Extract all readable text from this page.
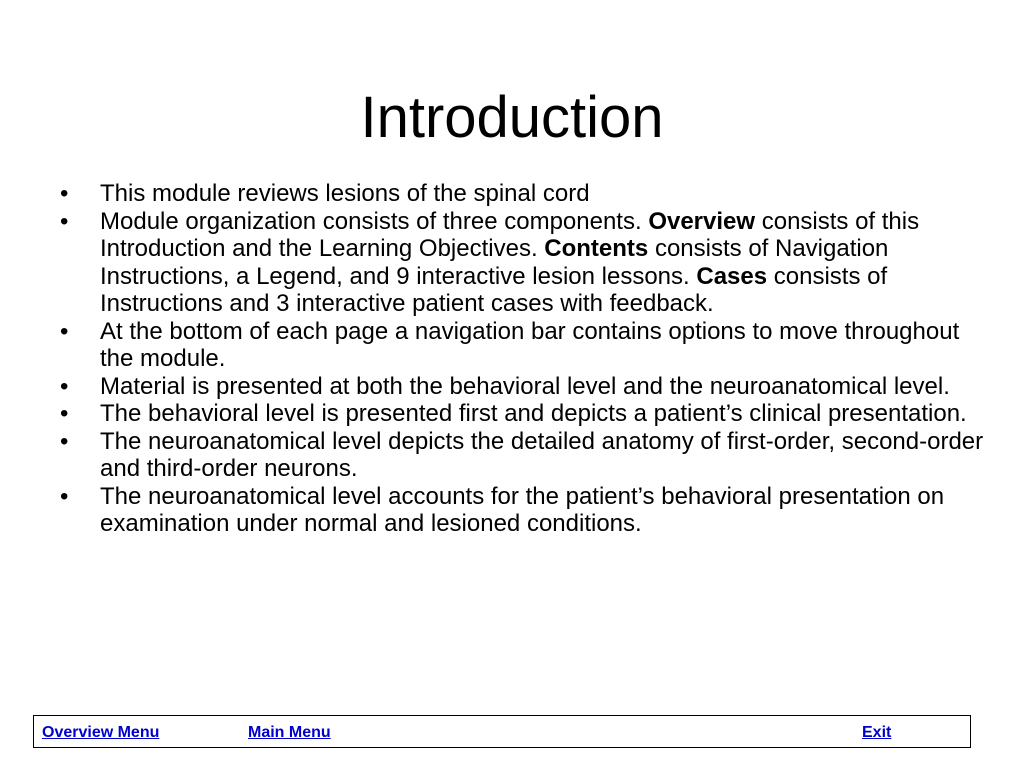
Introduction
• This module reviews lesions of the spinal cord
• Module organization consists of three components. Overview consists of this Introduction and the Learning Objectives. Contents consists of Navigation Instructions, a Legend, and 9 interactive lesion lessons. Cases consists of Instructions and 3 interactive patient cases with feedback.
• At the bottom of each page a navigation bar contains options to move throughout the module.
• Material is presented at both the behavioral level and the neuroanatomical level.
• The behavioral level is presented first and depicts a patient’s clinical presentation.
• The neuroanatomical level depicts the detailed anatomy of first-order, second-order and third-order neurons.
• The neuroanatomical level accounts for the patient’s behavioral presentation on examination under normal and lesioned conditions.
Overview Menu	Main Menu	Exit
